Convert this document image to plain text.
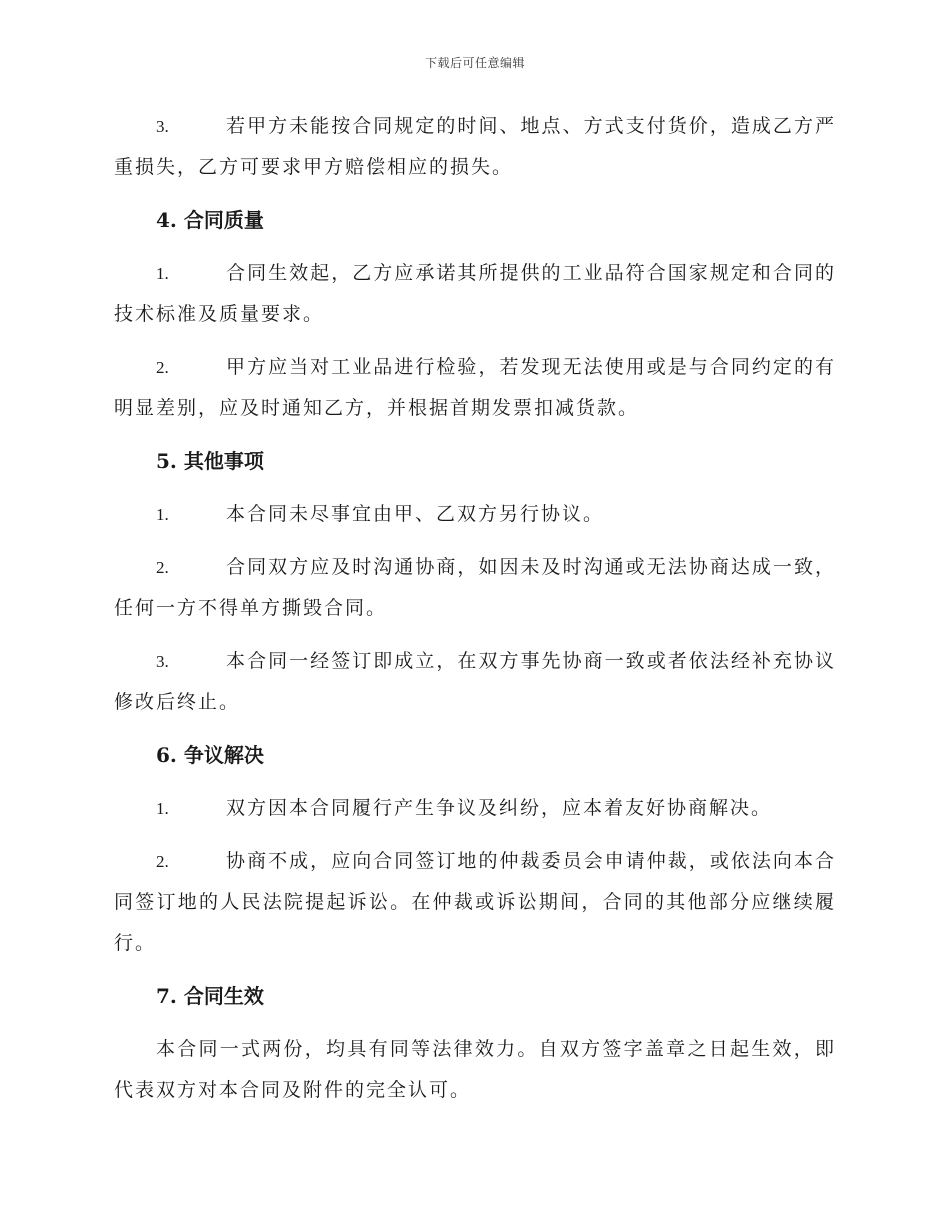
下载后可任意编辑

3.	若甲方未能按合同规定的时间、地点、方式支付货价，造成乙方严重损失，乙方可要求甲方赔偿相应的损失。

4. 合同质量

1.	合同生效起，乙方应承诺其所提供的工业品符合国家规定和合同的技术标准及质量要求。

2.	甲方应当对工业品进行检验，若发现无法使用或是与合同约定的有明显差别，应及时通知乙方，并根据首期发票扣减货款。

5. 其他事项

1.	本合同未尽事宜由甲、乙双方另行协议。

2.	合同双方应及时沟通协商，如因未及时沟通或无法协商达成一致，任何一方不得单方撕毁合同。

3.	本合同一经签订即成立，在双方事先协商一致或者依法经补充协议修改后终止。

6. 争议解决

1.	双方因本合同履行产生争议及纠纷，应本着友好协商解决。

2.	协商不成，应向合同签订地的仲裁委员会申请仲裁，或依法向本合同签订地的人民法院提起诉讼。在仲裁或诉讼期间，合同的其他部分应继续履行。

7. 合同生效

本合同一式两份，均具有同等法律效力。自双方签字盖章之日起生效，即代表双方对本合同及附件的完全认可。
